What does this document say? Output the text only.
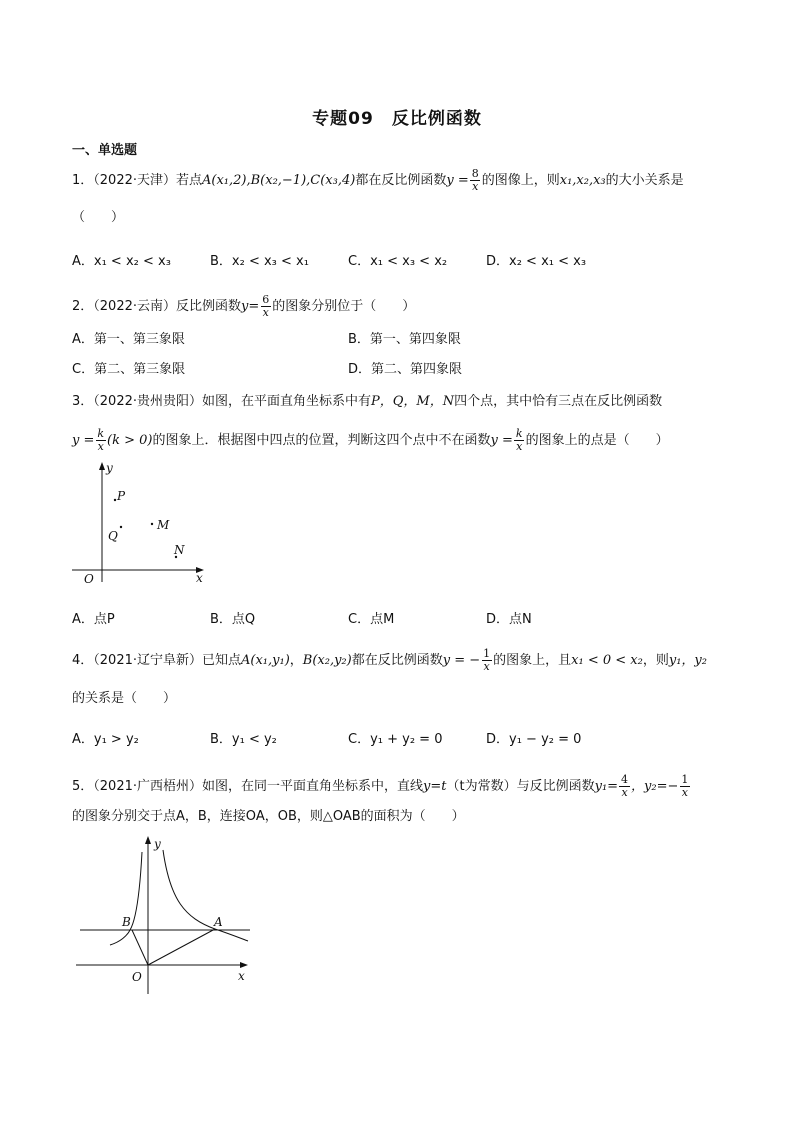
专题09　反比例函数
一、单选题
1．（2022·天津）若点A(x₁,2),B(x₂,−1),C(x₃,4)都在反比例函数$y = \frac{8}{x}$ 的图像上，则x₁,x₂,x₃的大小关系是
（　　）
A．x₁ < x₂ < x₃	B．x₂ < x₃ < x₁	C．x₁ < x₃ < x₂	D．x₂ < x₁ < x₃
2．（2022·云南）反比例函数$y= \frac{6}{x}$ 的图象分别位于（　　）
A．第一、第三象限	B．第一、第四象限
C．第二、第三象限	D．第二、第四象限
3．（2022·贵州贵阳）如图，在平面直角坐标系中有P，Q，M，N四个点，其中恰有三点在反比例函数
$y = \frac{k}{x} (k > 0)$的图象上．根据图中四点的位置，判断这四个点中不在函数$y = \frac{k}{x}$ 的图象上的点是（　　）
y
x
O
P
Q
M
N
A．点P	B．点Q	C．点M	D．点N
4．（2021·辽宁阜新）已知点A(x₁,y₁)，B(x₂,y₂)都在反比例函数y = − $\frac{1}{x}$ 的图象上，且x₁ < 0 < x₂，则y₁，y₂
的关系是（　　）
A．y₁ > y₂	B．y₁ < y₂	C．y₁ + y₂ = 0	D．y₁ − y₂ = 0
5．（2021·广西梧州）如图，在同一平面直角坐标系中，直线y=t（t为常数）与反比例函数$y_1= \frac{4}{x}$ ，$y_2=- \frac{1}{x}$
的图象分别交于点A，B，连接OA，OB，则△OAB的面积为（　　）
y
x
O
A
B
